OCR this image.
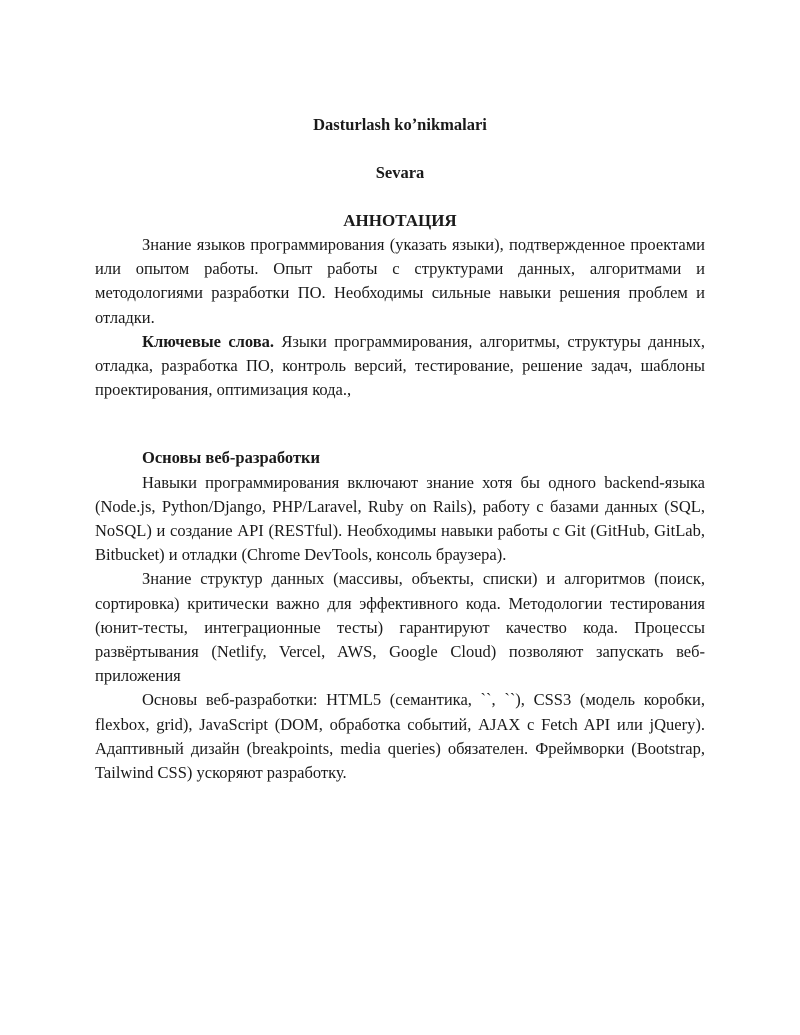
Dasturlash koʼnikmalari
Sevara
АННОТАЦИЯ

Знание языков программирования (указать языки), подтвержденное проектами или опытом работы. Опыт работы с структурами данных, алгоритмами и методологиями разработки ПО. Необходимы сильные навыки решения проблем и отладки.

Ключевые слова. Языки программирования, алгоритмы, структуры данных, отладка, разработка ПО, контроль версий, тестирование, решение задач, шаблоны проектирования, оптимизация кода.,

Основы веб-разработки

Навыки программирования включают знание хотя бы одного backend-языка (Node.js, Python/Django, PHP/Laravel, Ruby on Rails), работу с базами данных (SQL, NoSQL) и создание API (RESTful). Необходимы навыки работы с Git (GitHub, GitLab, Bitbucket) и отладки (Chrome DevTools, консоль браузера).

Знание структур данных (массивы, объекты, списки) и алгоритмов (поиск, сортировка) критически важно для эффективного кода. Методологии тестирования (юнит-тесты, интеграционные тесты) гарантируют качество кода. Процессы развёртывания (Netlify, Vercel, AWS, Google Cloud) позволяют запускать веб-приложения

Основы веб-разработки: HTML5 (семантика, ``, ``), CSS3 (модель коробки, flexbox, grid), JavaScript (DOM, обработка событий, AJAX с Fetch API или jQuery). Адаптивный дизайн (breakpoints, media queries) обязателен. Фреймворки (Bootstrap, Tailwind CSS) ускоряют разработку.
